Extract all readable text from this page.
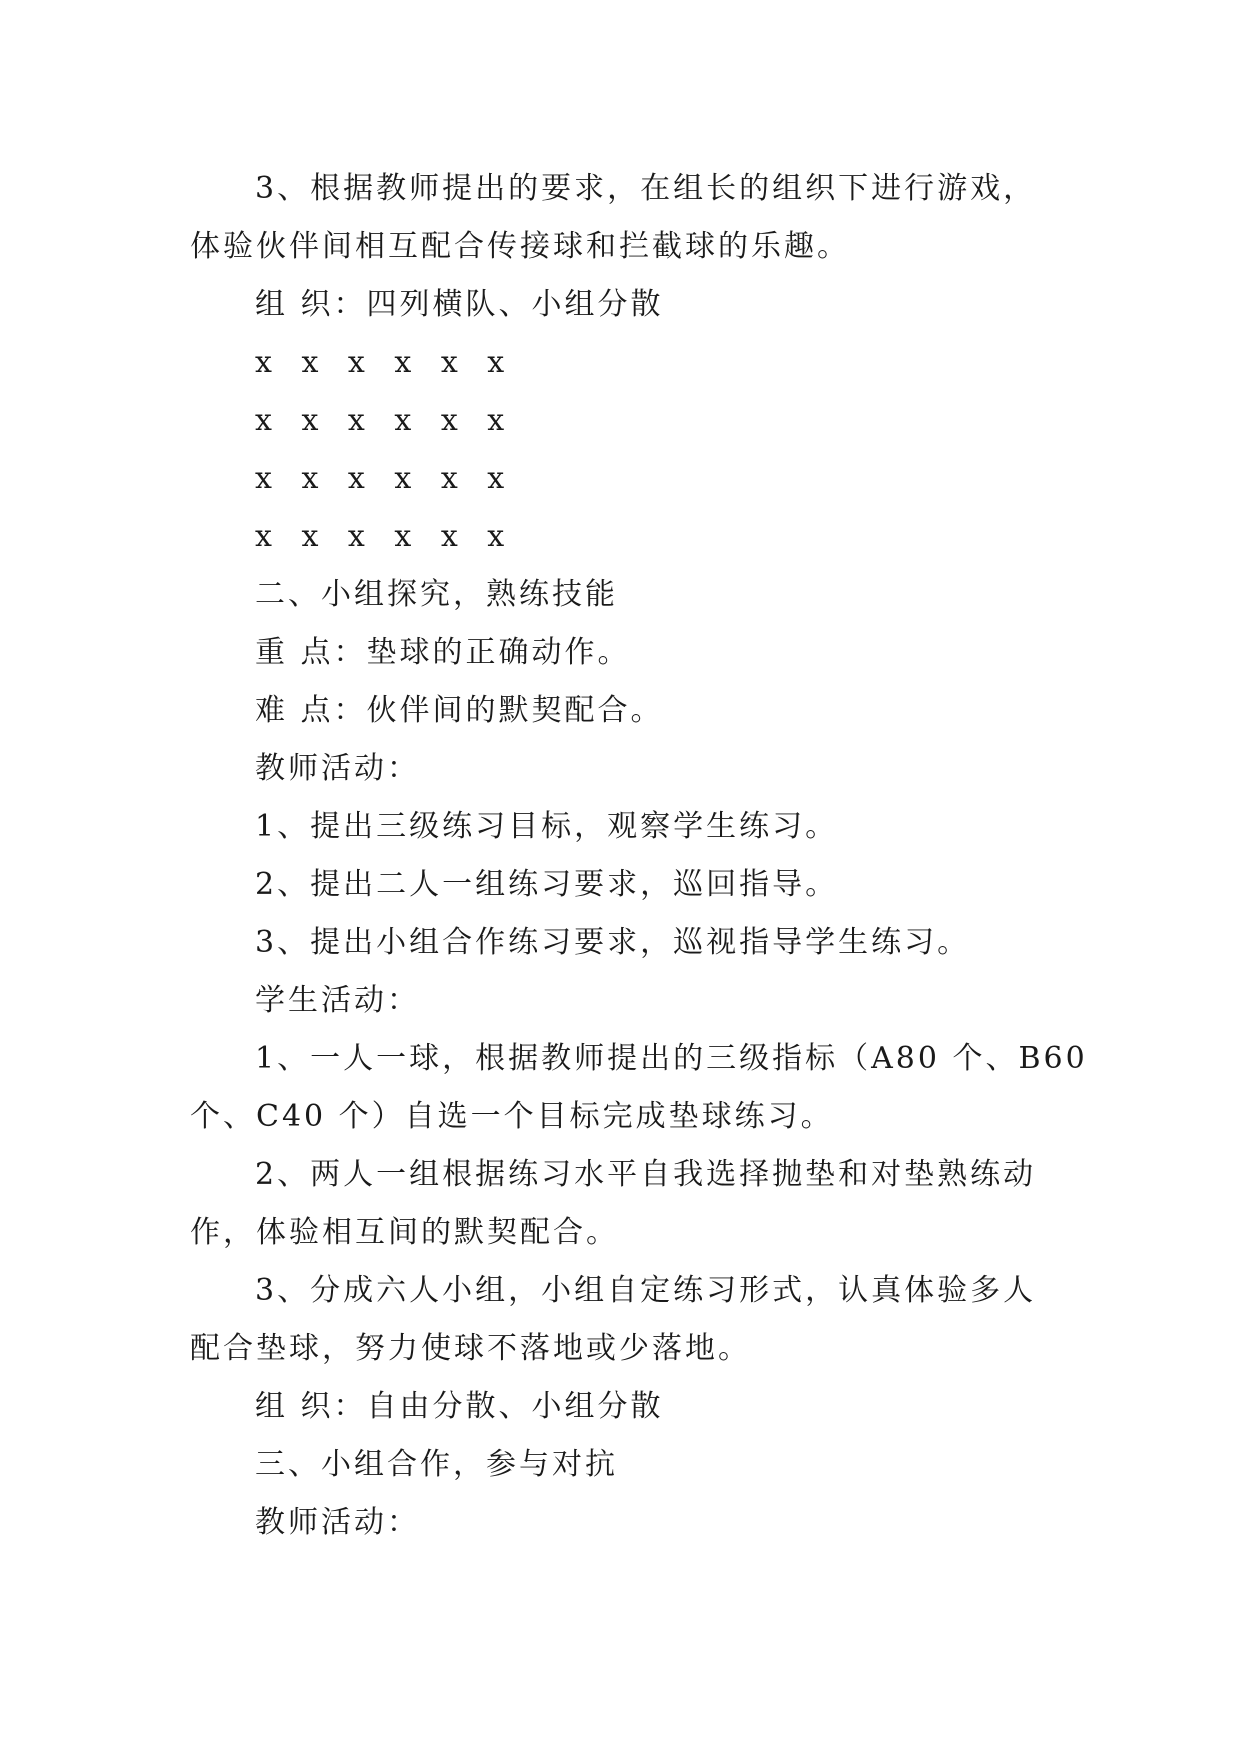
3、根据教师提出的要求，在组长的组织下进行游戏，
体验伙伴间相互配合传接球和拦截球的乐趣。
组 织：四列横队、小组分散
x x x x x x
x x x x x x
x x x x x x
x x x x x x
二、小组探究，熟练技能
重 点：垫球的正确动作。
难 点：伙伴间的默契配合。
教师活动：
1、提出三级练习目标，观察学生练习。
2、提出二人一组练习要求，巡回指导。
3、提出小组合作练习要求，巡视指导学生练习。
学生活动：
1、一人一球，根据教师提出的三级指标（A80 个、B60
个、C40 个）自选一个目标完成垫球练习。
2、两人一组根据练习水平自我选择抛垫和对垫熟练动
作，体验相互间的默契配合。
3、分成六人小组，小组自定练习形式，认真体验多人
配合垫球，努力使球不落地或少落地。
组 织：自由分散、小组分散
三、小组合作，参与对抗
教师活动：
